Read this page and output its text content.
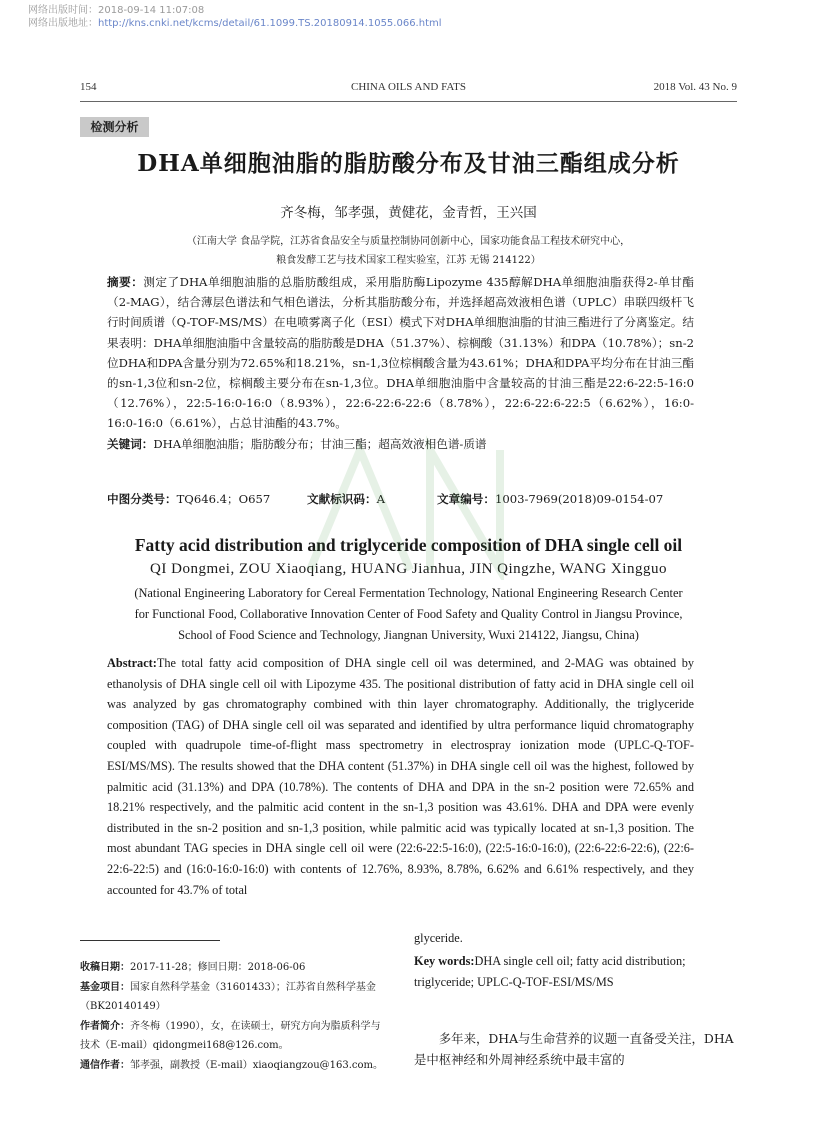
网络出版时间：2018-09-14 11:07:08
网络出版地址：http://kns.cnki.net/kcms/detail/61.1099.TS.20180914.1055.066.html
154	CHINA OILS AND FATS	2018 Vol. 43 No. 9
检测分析
DHA单细胞油脂的脂肪酸分布及甘油三酯组成分析
齐冬梅，邹孝强，黄健花，金青哲，王兴国
（江南大学 食品学院，江苏省食品安全与质量控制协同创新中心，国家功能食品工程技术研究中心，
粮食发酵工艺与技术国家工程实验室，江苏 无锡 214122）

摘要：测定了DHA单细胞油脂的总脂肪酸组成，采用脂肪酶Lipozyme 435醇解DHA单细胞油脂获得2-单甘酯（2-MAG），结合薄层色谱法和气相色谱法，分析其脂肪酸分布，并选择超高效液相色谱（UPLC）串联四级杆飞行时间质谱（Q-TOF-MS/MS）在电喷雾离子化（ESI）模式下对DHA单细胞油脂的甘油三酯进行了分离鉴定。结果表明：DHA单细胞油脂中含量较高的脂肪酸是DHA（51.37%）、棕榈酸（31.13%）和DPA（10.78%）；sn-2位DHA和DPA含量分别为72.65%和18.21%，sn-1,3位棕榈酸含量为43.61%；DHA和DPA平均分布在甘油三酯的sn-1,3位和sn-2位，棕榈酸主要分布在sn-1,3位。DHA单细胞油脂中含量较高的甘油三酯是22:6-22:5-16:0（12.76%），22:5-16:0-16:0（8.93%），22:6-22:6-22:6（8.78%），22:6-22:6-22:5（6.62%），16:0-16:0-16:0（6.61%），占总甘油酯的43.7%。

关键词：DHA单细胞油脂；脂肪酸分布；甘油三酯；超高效液相色谱-质谱

中图分类号：TQ646.4；O657	文献标识码：A	文章编号：1003-7969(2018)09-0154-07
Fatty acid distribution and triglyceride composition of DHA single cell oil
QI Dongmei, ZOU Xiaoqiang, HUANG Jianhua, JIN Qingzhe, WANG Xingguo
(National Engineering Laboratory for Cereal Fermentation Technology, National Engineering Research Center
for Functional Food, Collaborative Innovation Center of Food Safety and Quality Control in Jiangsu Province,
School of Food Science and Technology, Jiangnan University, Wuxi 214122, Jiangsu, China)

Abstract:The total fatty acid composition of DHA single cell oil was determined, and 2-MAG was obtained by ethanolysis of DHA single cell oil with Lipozyme 435. The positional distribution of fatty acid in DHA single cell oil was analyzed by gas chromatography combined with thin layer chromatography. Additionally, the triglyceride composition (TAG) of DHA single cell oil was separated and identified by ultra performance liquid chromatography coupled with quadrupole time-of-flight mass spectrometry in electrospray ionization mode (UPLC-Q-TOF-ESI/MS/MS). The results showed that the DHA content (51.37%) in DHA single cell oil was the highest, followed by palmitic acid (31.13%) and DPA (10.78%). The contents of DHA and DPA in the sn-2 position were 72.65% and 18.21% respectively, and the palmitic acid content in the sn-1,3 position was 43.61%. DHA and DPA were evenly distributed in the sn-2 position and sn-1,3 position, while palmitic acid was typically located at sn-1,3 position. The most abundant TAG species in DHA single cell oil were (22:6-22:5-16:0), (22:5-16:0-16:0), (22:6-22:6-22:6), (22:6-22:6-22:5) and (16:0-16:0-16:0) with contents of 12.76%, 8.93%, 8.78%, 6.62% and 6.61% respectively, and they accounted for 43.7% of total

glyceride.
Key words:DHA single cell oil; fatty acid distribution; triglyceride; UPLC-Q-TOF-ESI/MS/MS

收稿日期：2017-11-28；修回日期：2018-06-06

基金项目：国家自然科学基金（31601433）；江苏省自然科学基金（BK20140149）

作者简介：齐冬梅（1990），女，在读硕士，研究方向为脂质科学与技术（E-mail）qidongmei168@126.com。

通信作者：邹孝强，副教授（E-mail）xiaoqiangzou@163.com。

多年来，DHA与生命营养的议题一直备受关注，DHA是中枢神经和外周神经系统中最丰富的
